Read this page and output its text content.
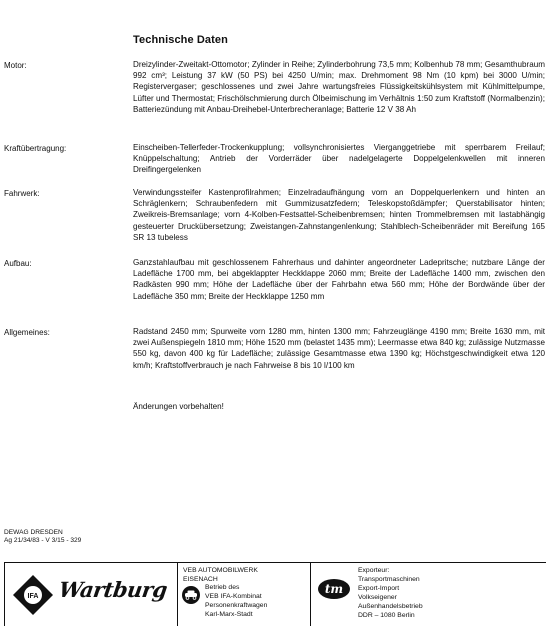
Technische Daten
Motor:	Dreizylinder-Zweitakt-Ottomotor; Zylinder in Reihe; Zylinderbohrung 73,5 mm; Kolbenhub 78 mm; Gesamthubraum 992 cm³; Leistung 37 kW (50 PS) bei 4250 U/min; max. Drehmoment 98 Nm (10 kpm) bei 3000 U/min; Registervergaser; geschlossenes und zwei Jahre wartungsfreies Flüssigkeitskühlsystem mit Kühlmittelpumpe, Lüfter und Thermostat; Frischölschmierung durch Ölbeimischung im Verhältnis 1:50 zum Kraftstoff (Normalbenzin); Batteriezündung mit Anbau-Dreihebel-Unterbrecheranlage; Batterie 12 V 38 Ah
Kraftübertragung:	Einscheiben-Tellerfeder-Trockenkupplung; vollsynchronisiertes Vierganggetriebe mit sperrbarem Freilauf; Knüppelschaltung; Antrieb der Vorderräder über nadelgelagerte Doppelgelenkwellen mit inneren Dreifingergelenken
Fahrwerk:	Verwindungssteifer Kastenprofilrahmen; Einzelradaufhängung vorn an Doppelquerlenkern und hinten an Schräglenkern; Schraubenfedern mit Gummizusatzfedern; Teleskopstoßdämpfer; Querstabilisator hinten; Zweikreis-Bremsanlage; vorn 4-Kolben-Festsattel-Scheibenbremsen; hinten Trommelbremsen mit lastabhängig gesteuerter Druckübersetzung; Zweistangen-Zahnstangenlenkung; Stahlblech-Scheibenräder mit Bereifung 165 SR 13 tubeless
Aufbau:	Ganzstahlaufbau mit geschlossenem Fahrerhaus und dahinter angeordneter Ladepritsche; nutzbare Länge der Ladefläche 1700 mm, bei abgeklappter Heckklappe 2060 mm; Breite der Ladefläche 1400 mm, zwischen den Radkästen 990 mm; Höhe der Ladefläche über der Fahrbahn etwa 560 mm; Höhe der Bordwände über der Ladefläche 350 mm; Breite der Heckklappe 1250 mm
Allgemeines:	Radstand 2450 mm; Spurweite vorn 1280 mm, hinten 1300 mm; Fahrzeuglänge 4190 mm; Breite 1630 mm, mit zwei Außenspiegeln 1810 mm; Höhe 1520 mm (belastet 1435 mm); Leermasse etwa 840 kg; zulässige Nutzmasse 550 kg, davon 400 kg für Ladefläche; zulässige Gesamtmasse etwa 1390 kg; Höchstgeschwindigkeit etwa 120 km/h; Kraftstoffverbrauch je nach Fahrweise 8 bis 10 l/100 km
Änderungen vorbehalten!
DEWAG DRESDEN
Ag 21/34/83 - V 3/15 - 329
IFA Wartburg
VEB AUTOMOBILWERK
EISENACH
Betrieb des
VEB IFA-Kombinat
Personenkraftwagen
Karl-Marx-Stadt
tm
Exporteur:
Transportmaschinen
Export-Import
Volkseigener
Außenhandelsbetrieb
DDR – 1080 Berlin
